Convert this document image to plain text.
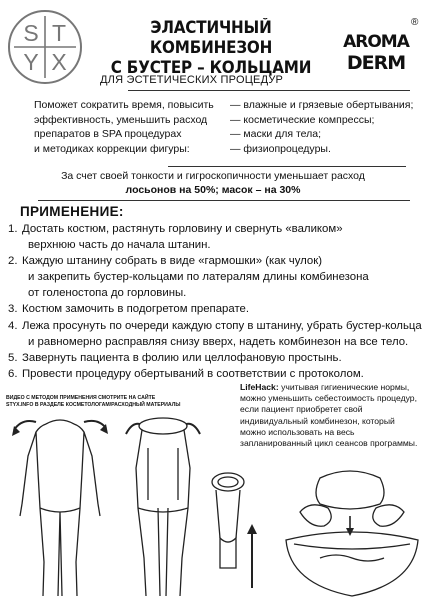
S T
Y X
ЭЛАСТИЧНЫЙ КОМБИНЕЗОН
С БУСТЕР – КОЛЬЦАМИ
®
AROMA
DERM
ДЛЯ ЭСТЕТИЧЕСКИХ ПРОЦЕДУР
Поможет сократить время, повысить
эффективность, уменьшить расход
препаратов в SPA процедурах
и методиках коррекции фигуры:
— влажные и грязевые обертывания;
— косметические компрессы;
— маски для тела;
— физиопроцедуры.
За счет своей тонкости и гигроскопичности уменьшает расход
лосьонов на 50%; масок – на 30%
ПРИМЕНЕНИЕ:
1. Достать костюм, растянуть горловину и свернуть «валиком»
верхнюю часть до начала штанин.
2. Каждую штанину собрать в виде «гармошки» (как чулок)
и закрепить бустер-кольцами по латералям длины комбинезона
от голеностопа до горловины.
3. Костюм замочить в подогретом препарате.
4. Лежа просунуть по очереди каждую стопу в штанину, убрать бустер-кольца
и равномерно расправляя снизу вверх, надеть комбинезон на все тело.
5. Завернуть пациента в фолию или целлофановую простынь.
6. Провести процедуру обертываний в соответствии с протоколом.
ВИДЕО С МЕТОДОМ ПРИМЕНЕНИЯ СМОТРИТЕ НА САЙТЕ
STYX.INFO В РАЗДЕЛЕ КОСМЕТОЛОГАМ/РАСХОДНЫЙ МАТЕРИАЛЫ
LifeHack: учитывая гигиенические нормы, можно уменьшить себестоимость процедур, если пациент приобретет свой индивидуальный комбинезон, который можно использовать на весь запланированный цикл сеансов программы.
